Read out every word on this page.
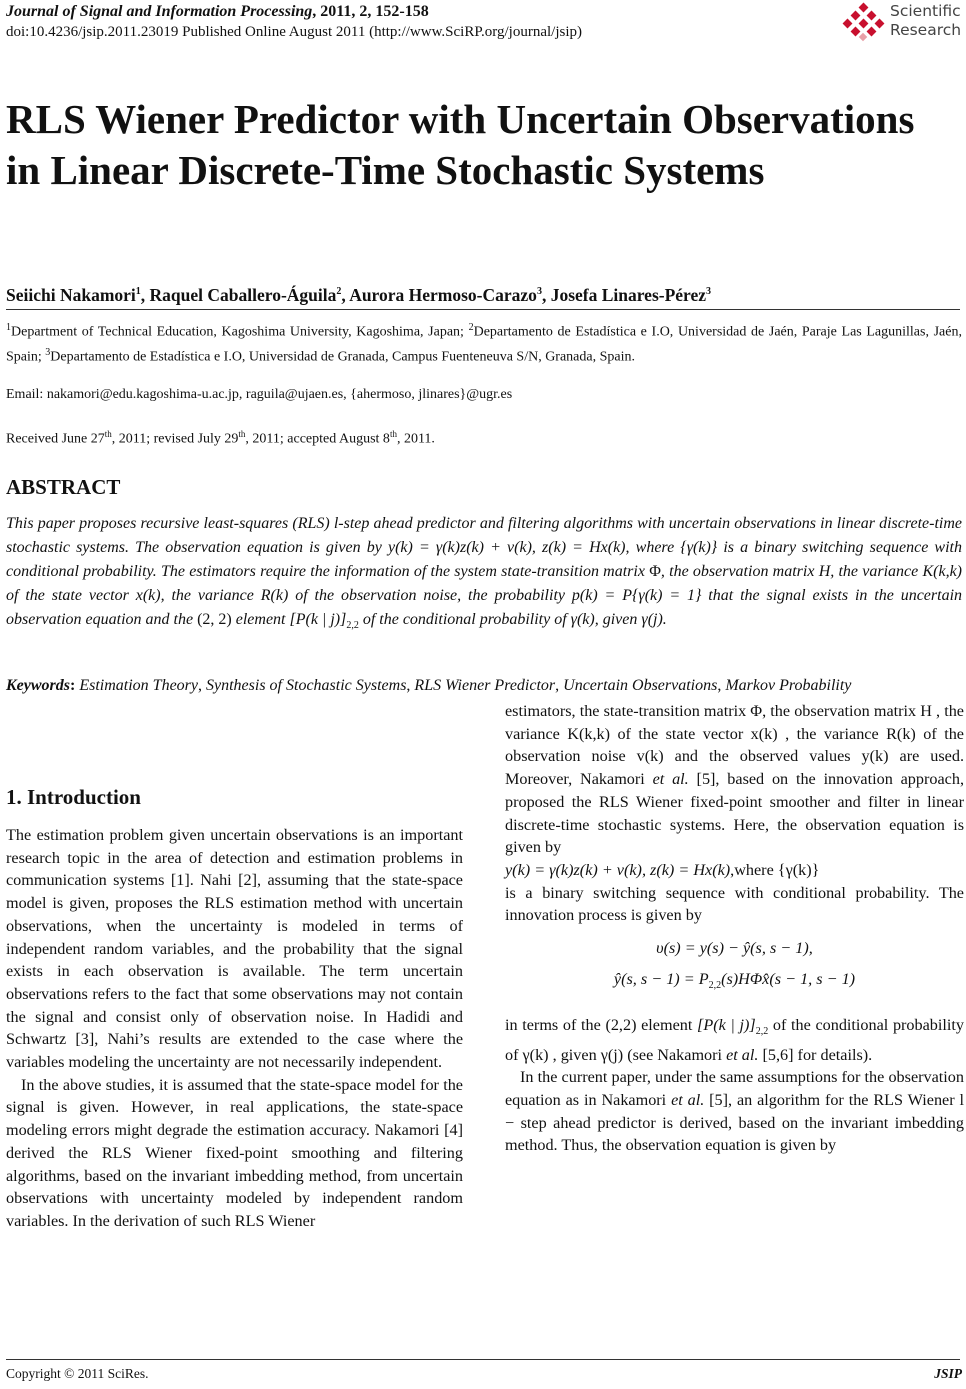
Journal of Signal and Information Processing, 2011, 2, 152-158
doi:10.4236/jsip.2011.23019 Published Online August 2011 (http://www.SciRP.org/journal/jsip)
Scientific
Research
RLS Wiener Predictor with Uncertain Observations in Linear Discrete-Time Stochastic Systems
Seiichi Nakamori$^1$, Raquel Caballero-Águila$^2$, Aurora Hermoso-Carazo$^3$, Josefa Linares-Pérez$^3$
$^1$Department of Technical Education, Kagoshima University, Kagoshima, Japan; $^2$Departamento de Estadística e I.O, Universidad de Jaén, Paraje Las Lagunillas, Jaén, Spain; $^3$Departamento de Estadística e I.O, Universidad de Granada, Campus Fuenteneuva S/N, Granada, Spain.
Email: nakamori@edu.kagoshima-u.ac.jp, raguila@ujaen.es, {ahermoso, jlinares}@ugr.es
Received June 27th, 2011; revised July 29th, 2011; accepted August 8th, 2011.
ABSTRACT
This paper proposes recursive least-squares (RLS) l-step ahead predictor and filtering algorithms with uncertain observations in linear discrete-time stochastic systems. The observation equation is given by y(k) = γ(k)z(k) + v(k), z(k) = Hx(k), where {γ(k)} is a binary switching sequence with conditional probability. The estimators require the information of the system state-transition matrix Φ, the observation matrix H, the variance K(k,k) of the state vector x(k), the variance R(k) of the observation noise, the probability p(k) = P{γ(k) = 1} that the signal exists in the uncertain observation equation and the (2, 2) element [P(k | $j)]_{2,2}$ of the conditional probability of γ(k), given γ(j).
Keywords: Estimation Theory, Synthesis of Stochastic Systems, RLS Wiener Predictor, Uncertain Observations, Markov Probability
1. Introduction

The estimation problem given uncertain observations is an important research topic in the area of detection and estimation problems in communication systems [1]. Nahi [2], assuming that the state-space model is given, proposes the RLS estimation method with uncertain observations, when the uncertainty is modeled in terms of independent random variables, and the probability that the signal exists in each observation is available. The term uncertain observations refers to the fact that some observations may not contain the signal and consist only of observation noise. In Hadidi and Schwartz [3], Nahi’s results are extended to the case where the variables modeling the uncertainty are not necessarily independent.

In the above studies, it is assumed that the state-space model for the signal is given. However, in real applications, the state-space modeling errors might degrade the estimation accuracy. Nakamori [4] derived the RLS Wiener fixed-point smoothing and filtering algorithms, based on the invariant imbedding method, from uncertain observations with uncertainty modeled by independent random variables. In the derivation of such RLS Wiener

estimators, the state-transition matrix Φ, the observation matrix H , the variance K(k,k) of the state vector x(k) , the variance R(k) of the observation noise v(k) and the observed values y(k) are used. Moreover, Nakamori et al. [5], based on the innovation approach, proposed the RLS Wiener fixed-point smoother and filter in linear discrete-time stochastic systems. Here, the observation equation is given by

y(k) = γ(k)z(k) + v(k), z(k) = Hx(k),where {γ(k)}

is a binary switching sequence with conditional probability. The innovation process is given by

υ(s) = y(s) − ŷ(s, s − 1),

ŷ(s, $s - 1) = P_{2,2}(s)H\Phi x̂(s - 1$, s − 1)

in terms of the (2,2) element [P(k | $j)]_{2,2}$ of the conditional probability of γ(k) , given γ(j) (see Nakamori et al. [5,6] for details).

In the current paper, under the same assumptions for the observation equation as in Nakamori et al. [5], an algorithm for the RLS Wiener l − step ahead predictor is derived, based on the invariant imbedding method. Thus, the observation equation is given by

Copyright © 2011 SciRes.	JSIP
